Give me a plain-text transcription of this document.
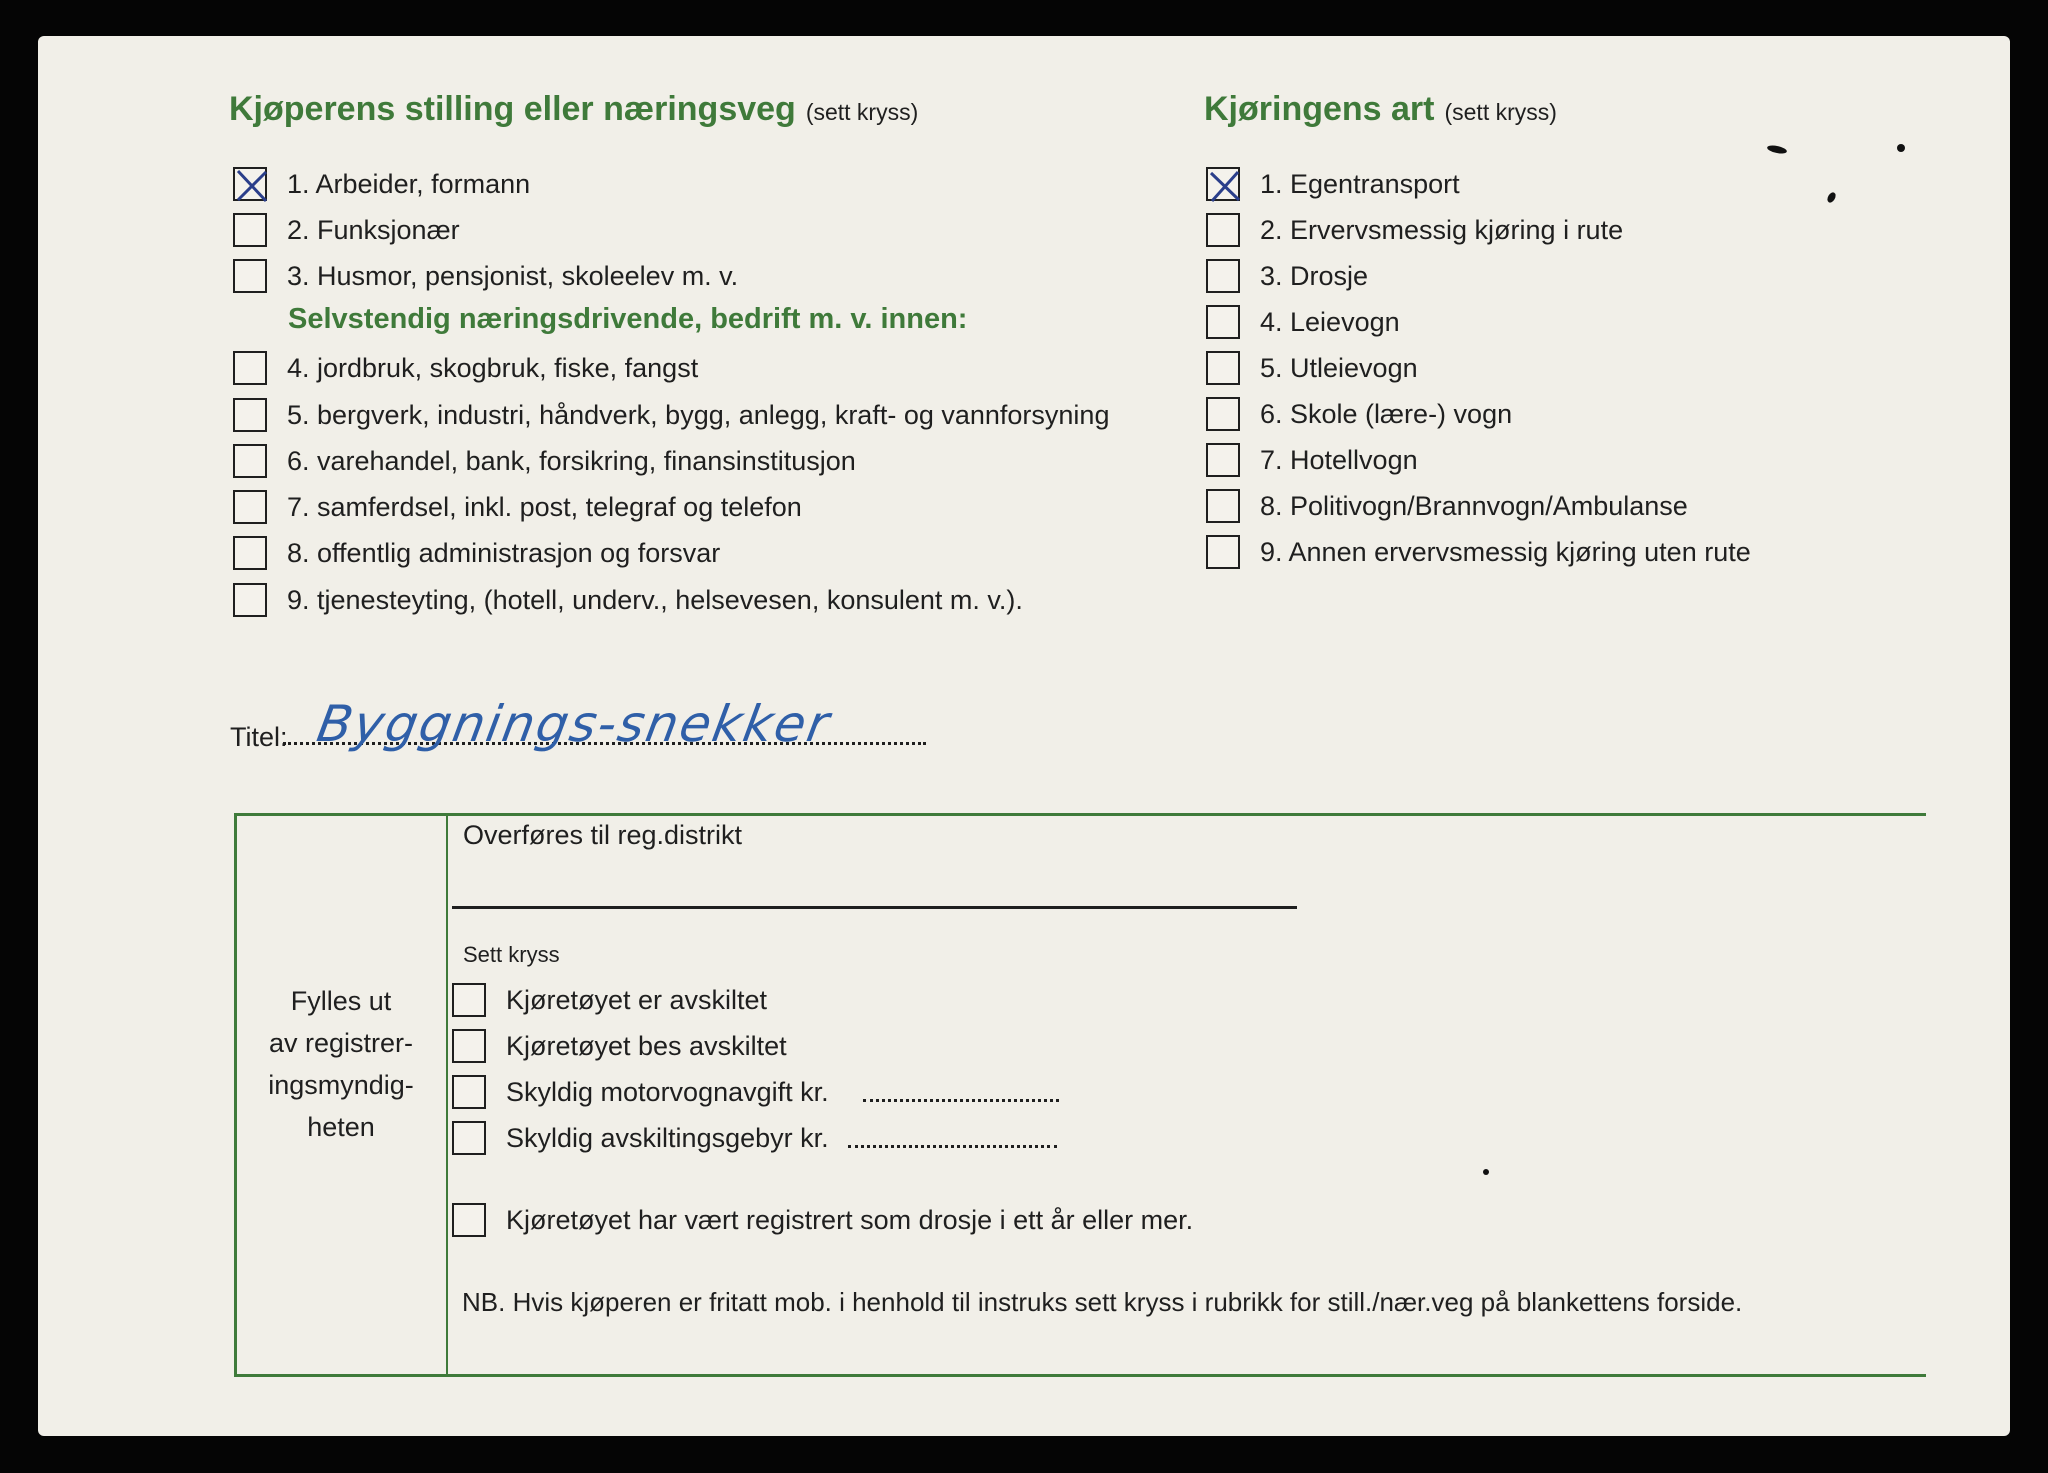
Kjøperens stilling eller næringsveg (sett kryss)	Kjøringens art (sett kryss)
1. Arbeider, formann
2. Funksjonær
3. Husmor, pensjonist, skoleelev m. v.
Selvstendig næringsdrivende, bedrift m. v. innen:
4. jordbruk, skogbruk, fiske, fangst
5. bergverk, industri, håndverk, bygg, anlegg, kraft- og vannforsyning
6. varehandel, bank, forsikring, finansinstitusjon
7. samferdsel, inkl. post, telegraf og telefon
8. offentlig administrasjon og forsvar
9. tjenesteyting, (hotell, underv., helsevesen, konsulent m. v.).
1. Egentransport
2. Ervervsmessig kjøring i rute
3. Drosje
4. Leievogn
5. Utleievogn
6. Skole (lære-) vogn
7. Hotellvogn
8. Politivogn/Brannvogn/Ambulanse
9. Annen ervervsmessig kjøring uten rute
Titel: Byggnings-snekker
Fylles ut
av registrer-
ingsmyndig-
heten
Overføres til reg.distrikt
Sett kryss
Kjøretøyet er avskiltet
Kjøretøyet bes avskiltet
Skyldig motorvognavgift kr.
Skyldig avskiltingsgebyr kr.
Kjøretøyet har vært registrert som drosje i ett år eller mer.
NB. Hvis kjøperen er fritatt mob. i henhold til instruks sett kryss i rubrikk for still./nær.veg på blankettens forside.
